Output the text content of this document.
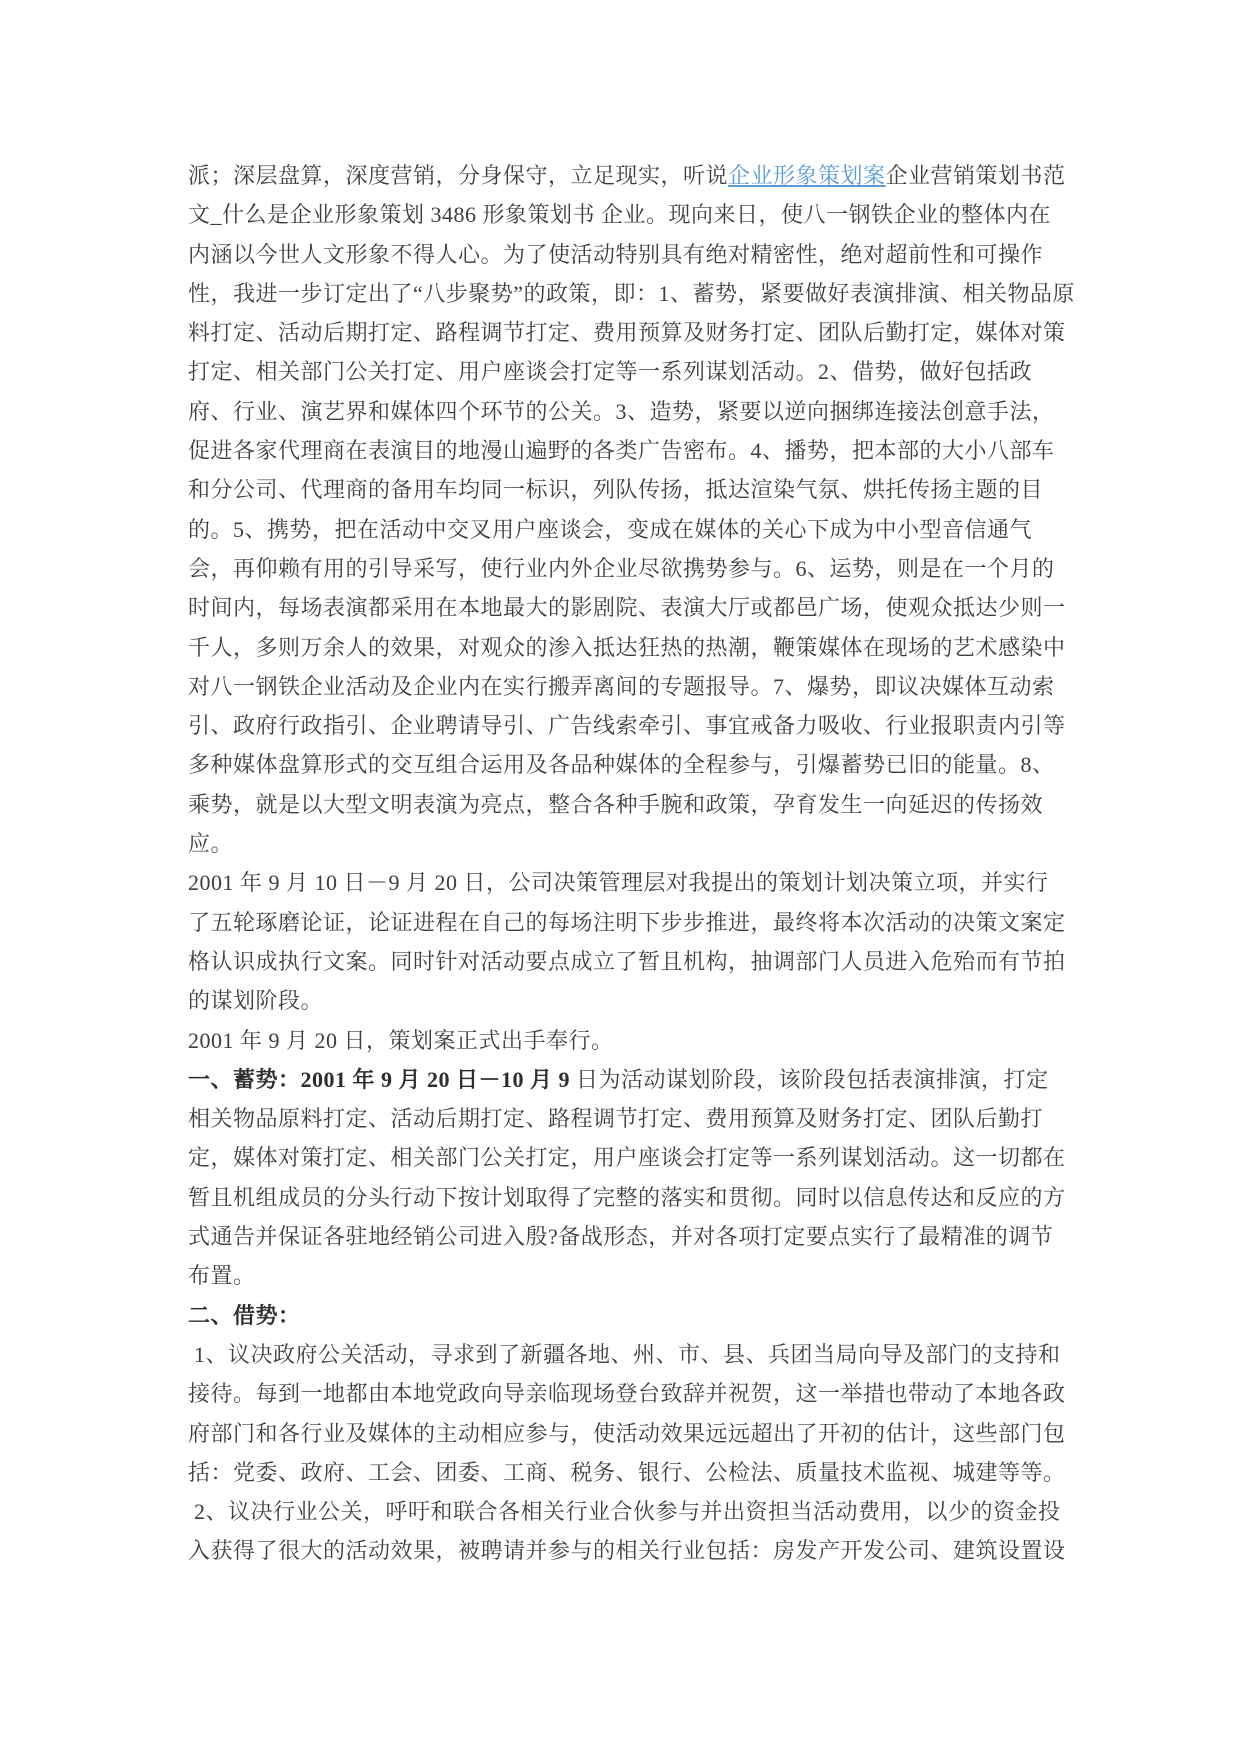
派；深层盘算，深度营销，分身保守，立足现实，听说企业形象策划案企业营销策划书范
文_什么是企业形象策划 3486 形象策划书 企业。现向来日，使八一钢铁企业的整体内在
内涵以今世人文形象不得人心。为了使活动特别具有绝对精密性，绝对超前性和可操作
性，我进一步订定出了“八步聚势”的政策，即：1、蓄势，紧要做好表演排演、相关物品原
料打定、活动后期打定、路程调节打定、费用预算及财务打定、团队后勤打定，媒体对策
打定、相关部门公关打定、用户座谈会打定等一系列谋划活动。2、借势，做好包括政
府、行业、演艺界和媒体四个环节的公关。3、造势，紧要以逆向捆绑连接法创意手法，
促进各家代理商在表演目的地漫山遍野的各类广告密布。4、播势，把本部的大小八部车
和分公司、代理商的备用车均同一标识，列队传扬，抵达渲染气氛、烘托传扬主题的目
的。5、携势，把在活动中交叉用户座谈会，变成在媒体的关心下成为中小型音信通气
会，再仰赖有用的引导采写，使行业内外企业尽欲携势参与。6、运势，则是在一个月的
时间内，每场表演都采用在本地最大的影剧院、表演大厅或都邑广场，使观众抵达少则一
千人，多则万余人的效果，对观众的渗入抵达狂热的热潮，鞭策媒体在现场的艺术感染中
对八一钢铁企业活动及企业内在实行搬弄离间的专题报导。7、爆势，即议决媒体互动索
引、政府行政指引、企业聘请导引、广告线索牵引、事宜戒备力吸收、行业报职责内引等
多种媒体盘算形式的交互组合运用及各品种媒体的全程参与，引爆蓄势已旧的能量。8、
乘势，就是以大型文明表演为亮点，整合各种手腕和政策，孕育发生一向延迟的传扬效
应。
2001 年 9 月 10 日－9 月 20 日，公司决策管理层对我提出的策划计划决策立项，并实行
了五轮琢磨论证，论证进程在自己的每场注明下步步推进，最终将本次活动的决策文案定
格认识成执行文案。同时针对活动要点成立了暂且机构，抽调部门人员进入危殆而有节拍
的谋划阶段。
2001 年 9 月 20 日，策划案正式出手奉行。
一、蓄势：2001 年 9 月 20 日－10 月 9 日为活动谋划阶段，该阶段包括表演排演，打定
相关物品原料打定、活动后期打定、路程调节打定、费用预算及财务打定、团队后勤打
定，媒体对策打定、相关部门公关打定，用户座谈会打定等一系列谋划活动。这一切都在
暂且机组成员的分头行动下按计划取得了完整的落实和贯彻。同时以信息传达和反应的方
式通告并保证各驻地经销公司进入殷?备战形态，并对各项打定要点实行了最精准的调节
布置。
二、借势：
1、议决政府公关活动，寻求到了新疆各地、州、市、县、兵团当局向导及部门的支持和
接待。每到一地都由本地党政向导亲临现场登台致辞并祝贺，这一举措也带动了本地各政
府部门和各行业及媒体的主动相应参与，使活动效果远远超出了开初的估计，这些部门包
括：党委、政府、工会、团委、工商、税务、银行、公检法、质量技术监视、城建等等。
2、议决行业公关，呼吁和联合各相关行业合伙参与并出资担当活动费用，以少的资金投
入获得了很大的活动效果，被聘请并参与的相关行业包括：房发产开发公司、建筑设置设
